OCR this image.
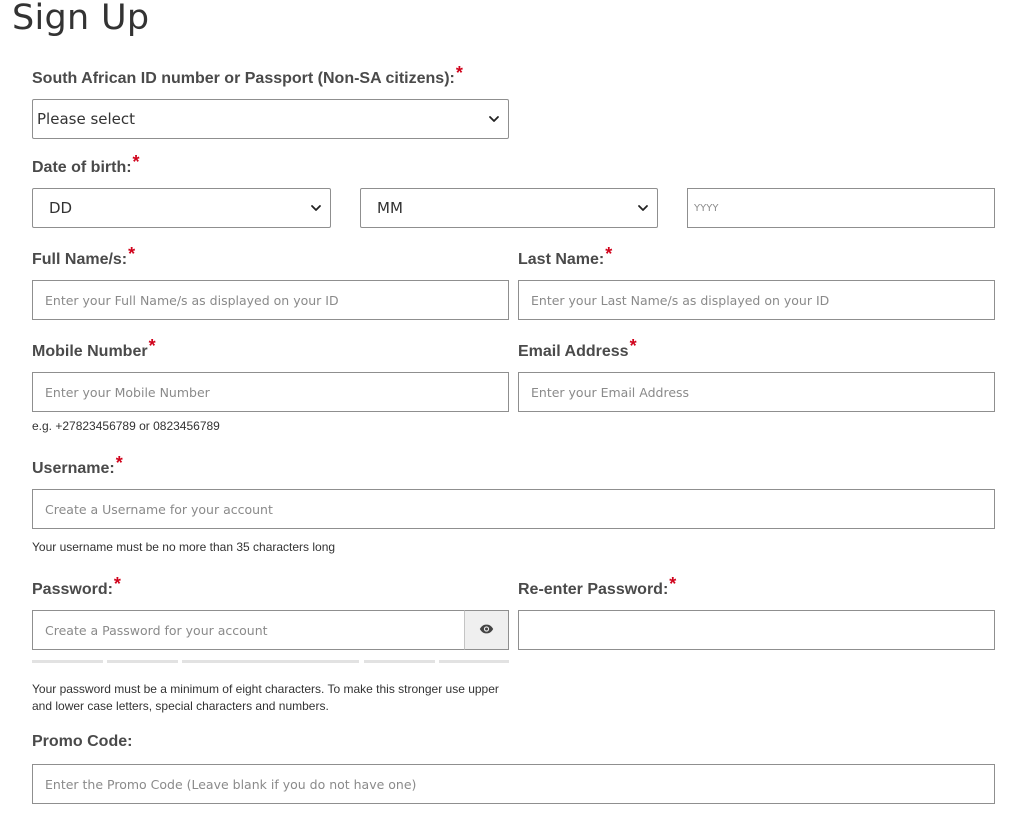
Sign Up
South African ID number or Passport (Non-SA citizens):*
Please select
Date of birth:*
DD	MM	YYYY
Full Name/s:*	Last Name:*
Enter your Full Name/s as displayed on your ID	Enter your Last Name/s as displayed on your ID
Mobile Number*	Email Address*
Enter your Mobile Number	Enter your Email Address
e.g. +27823456789 or 0823456789
Username:*
Create a Username for your account
Your username must be no more than 35 characters long
Password:*	Re-enter Password:*
Create a Password for your account
Your password must be a minimum of eight characters. To make this stronger use upper
and lower case letters, special characters and numbers.
Promo Code:
Enter the Promo Code (Leave blank if you do not have one)
